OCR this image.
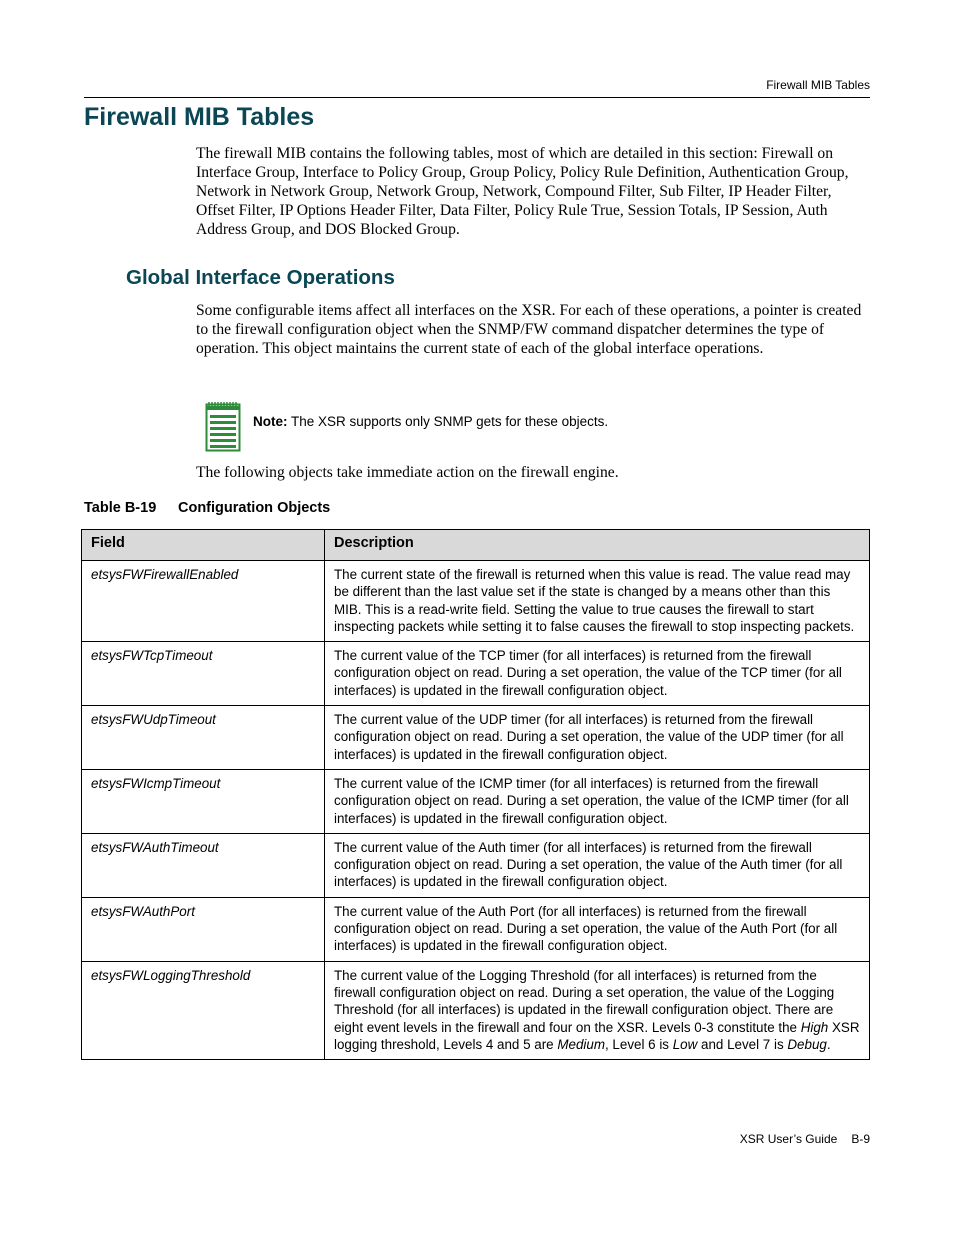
Firewall MIB Tables
Firewall MIB Tables

The firewall MIB contains the following tables, most of which are detailed in this section: Firewall on Interface Group, Interface to Policy Group, Group Policy, Policy Rule Definition, Authentication Group, Network in Network Group, Network Group, Network, Compound Filter, Sub Filter, IP Header Filter, Offset Filter, IP Options Header Filter, Data Filter, Policy Rule True, Session Totals, IP Session, Auth Address Group, and DOS Blocked Group.

Global Interface Operations

Some configurable items affect all interfaces on the XSR. For each of these operations, a pointer is created to the firewall configuration object when the SNMP/FW command dispatcher determines the type of operation. This object maintains the current state of each of the global interface operations.

Note: The XSR supports only SNMP gets for these objects.

The following objects take immediate action on the firewall engine.

Table B-19 Configuration Objects
Field	Description
etsysFWFirewallEnabled	The current state of the firewall is returned when this value is read. The value read may be different than the last value set if the state is changed by a means other than this MIB. This is a read-write field. Setting the value to true causes the firewall to start inspecting packets while setting it to false causes the firewall to stop inspecting packets.
etsysFWTcpTimeout	The current value of the TCP timer (for all interfaces) is returned from the firewall configuration object on read. During a set operation, the value of the TCP timer (for all interfaces) is updated in the firewall configuration object.
etsysFWUdpTimeout	The current value of the UDP timer (for all interfaces) is returned from the firewall configuration object on read. During a set operation, the value of the UDP timer (for all interfaces) is updated in the firewall configuration object.
etsysFWIcmpTimeout	The current value of the ICMP timer (for all interfaces) is returned from the firewall configuration object on read. During a set operation, the value of the ICMP timer (for all interfaces) is updated in the firewall configuration object.
etsysFWAuthTimeout	The current value of the Auth timer (for all interfaces) is returned from the firewall configuration object on read. During a set operation, the value of the Auth timer (for all interfaces) is updated in the firewall configuration object.
etsysFWAuthPort	The current value of the Auth Port (for all interfaces) is returned from the firewall configuration object on read. During a set operation, the value of the Auth Port (for all interfaces) is updated in the firewall configuration object.
etsysFWLoggingThreshold	The current value of the Logging Threshold (for all interfaces) is returned from the firewall configuration object on read. During a set operation, the value of the Logging Threshold (for all interfaces) is updated in the firewall configuration object. There are eight event levels in the firewall and four on the XSR. Levels 0-3 constitute the High XSR logging threshold, Levels 4 and 5 are Medium, Level 6 is Low and Level 7 is Debug.
XSR User’s Guide B-9
